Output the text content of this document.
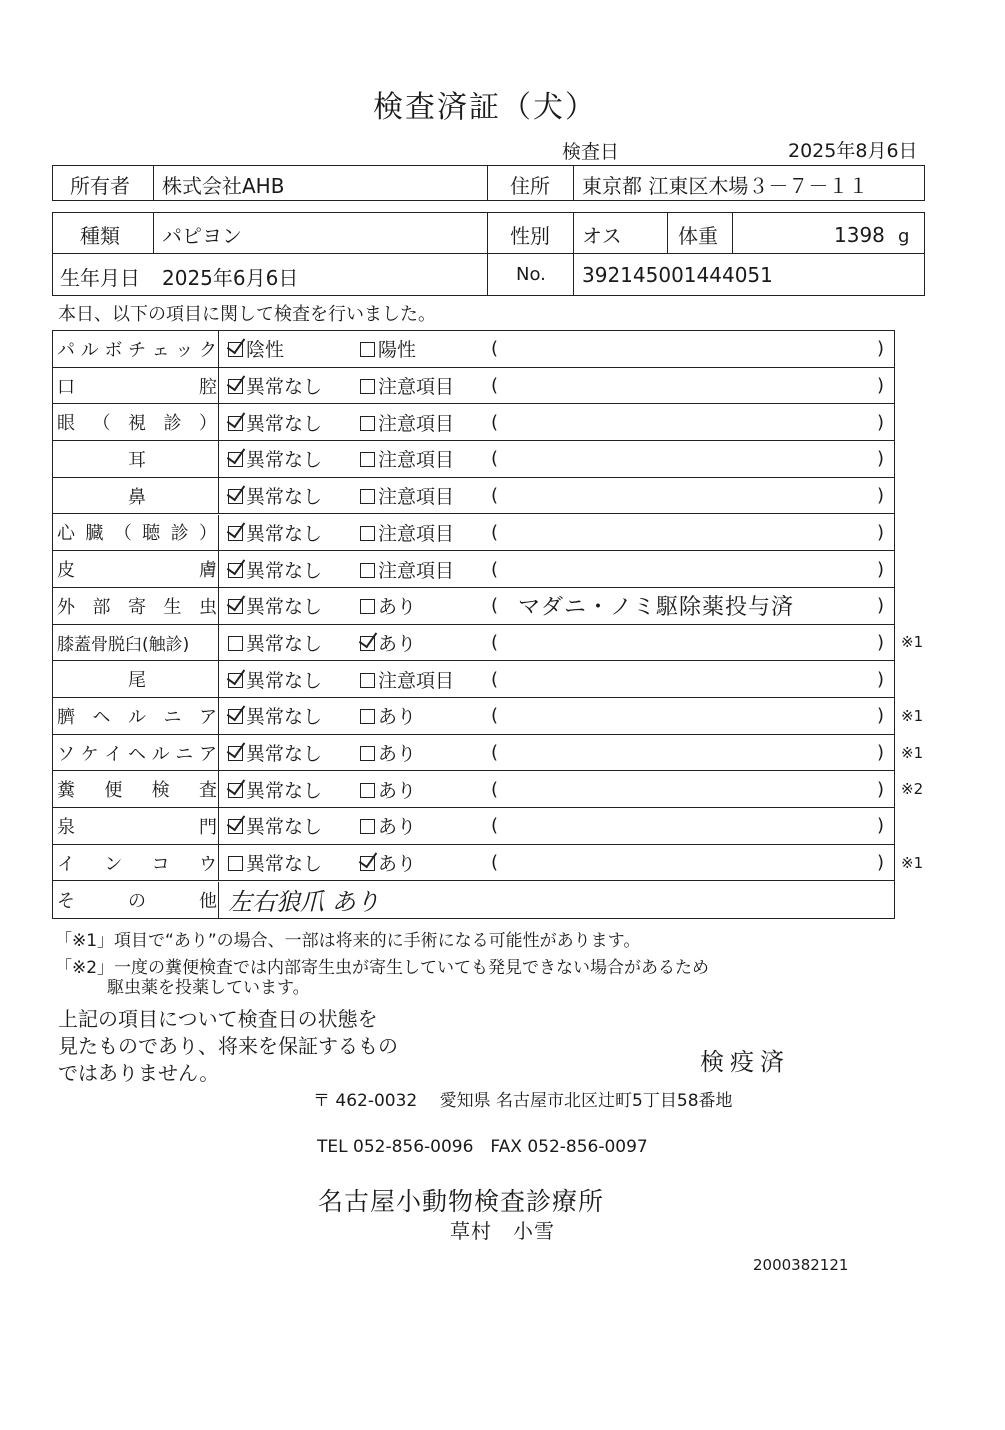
検査済証（犬）
検査日	2025年8月6日
所有者 株式会社AHB	住所 東京都 江東区木場３－７－１１
種類 パピヨン	性別 オス	体重	1398 g
生年月日 2025年6月6日	No. 392145001444051
本日、以下の項目に関して検査を行いました。
パ ル ボ チ ェ ッ ク 陰性	陽性	(	)
口	腔 異常なし	注意項目 (	)
眼 （ 視 診 ） 異常なし	注意項目 (	)
耳	異常なし	注意項目 (	)
鼻	異常なし	注意項目 (	)
心 臓 （ 聴 診 ） 異常なし	注意項目 (	)
皮	膚 異常なし	注意項目 (	)
外 部 寄 生 虫 異常なし	あり	( マダニ・ノミ駆除薬投与済	)
膝蓋骨脱臼(触診)	異常なし	あり	(	) ※1
尾	異常なし	注意項目 (	)
臍 ヘ ル ニ ア 異常なし	あり	(	) ※1
ソ ケ イ ヘ ル ニ ア 異常なし	あり	(	) ※1
糞 便 検 査 異常なし	あり	(	) ※2
泉	門 異常なし	あり	(	)
イ ン コ ウ 異常なし	あり	(	) ※1
そ	の	他 左右狼爪 あり
「※1」項目で“あり”の場合、一部は将来的に手術になる可能性があります。
「※2」一度の糞便検査では内部寄生虫が寄生していても発見できない場合があるため
駆虫薬を投薬しています。
上記の項目について検査日の状態を
見たものであり、将来を保証するもの
ではありません。	検疫済
〒 462-0032　 愛知県 名古屋市北区辻町5丁目58番地
TEL 052-856-0096　FAX 052-856-0097
名古屋小動物検査診療所
草村　小雪
2000382121
